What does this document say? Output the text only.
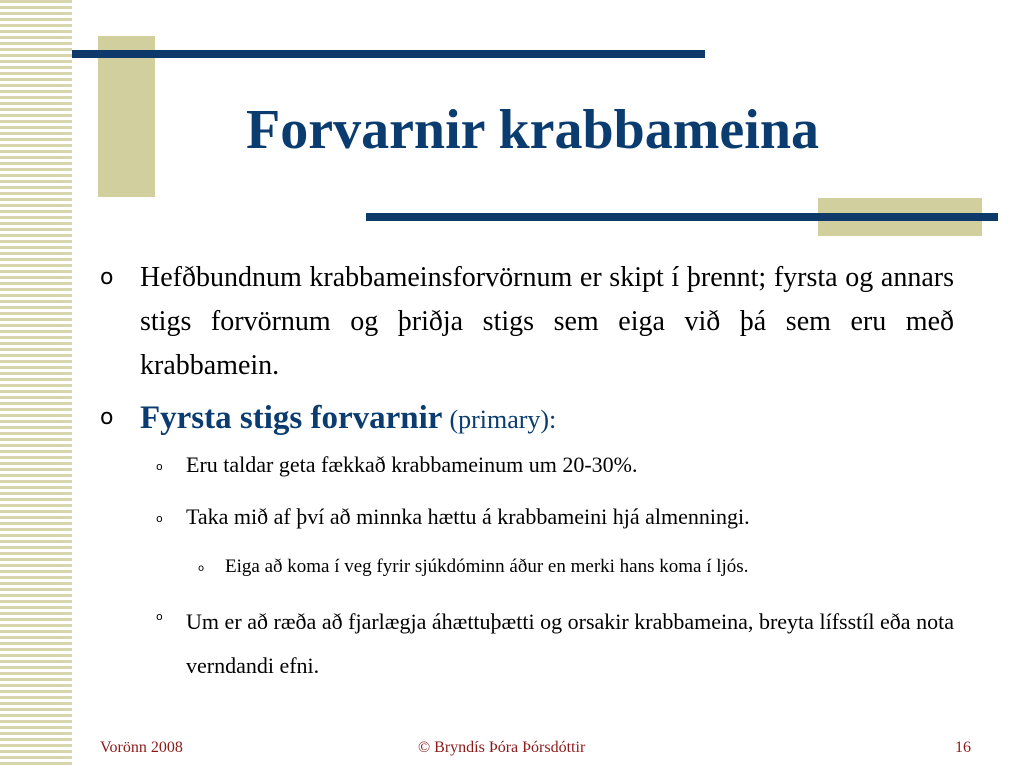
Forvarnir krabbameina
o Hefðbundnum krabbameinsforvörnum er skipt í þrennt; fyrsta og annars stigs forvörnum og þriðja stigs sem eiga við þá sem eru með krabbamein.
o Fyrsta stigs forvarnir (primary):
o Eru taldar geta fækkað krabbameinum um 20-30%.
o Taka mið af því að minnka hættu á krabbameini hjá almenningi.
o Eiga að koma í veg fyrir sjúkdóminn áður en merki hans koma í ljós.
o Um er að ræða að fjarlægja áhættuþætti og orsakir krabbameina, breyta lífsstíl eða nota verndandi efni.
Vorönn 2008	© Bryndís Þóra Þórsdóttir	16
